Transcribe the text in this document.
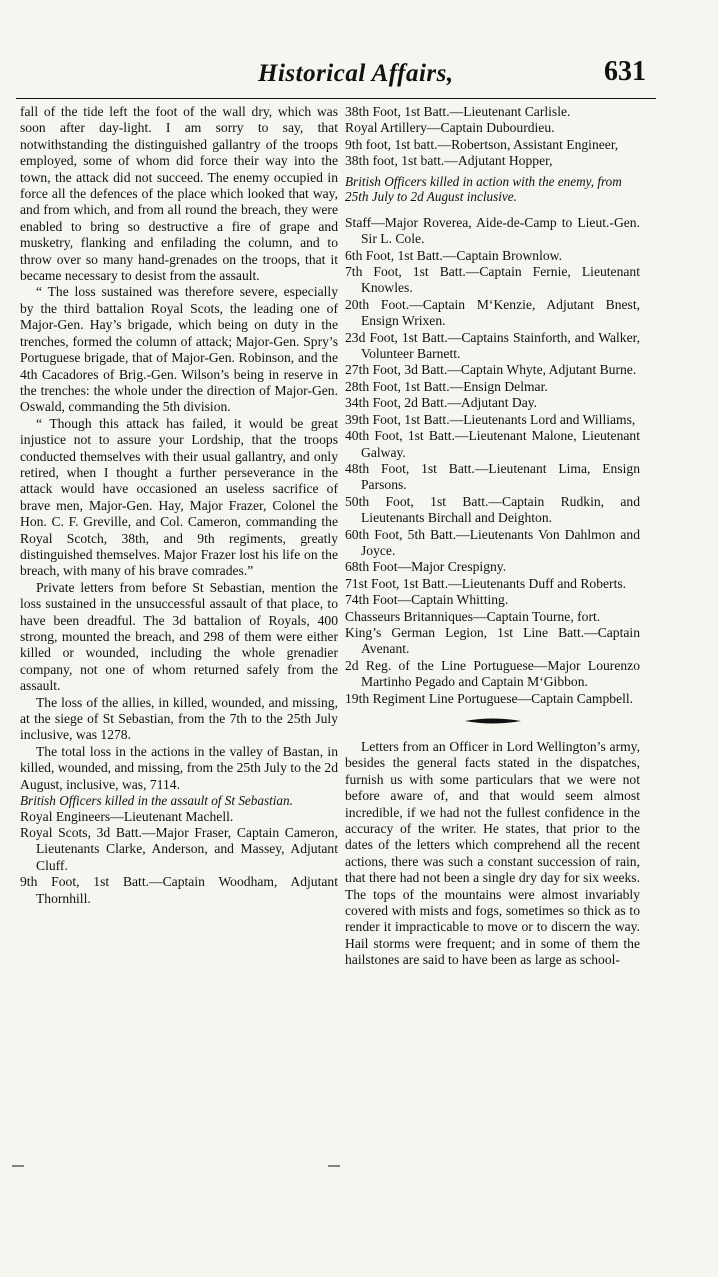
Historical Affairs,	631

fall of the tide left the foot of the wall dry, which was soon after day-light. I am sorry to say, that notwithstanding the distinguished gallantry of the troops employed, some of whom did force their way into the town, the attack did not succeed. The enemy occupied in force all the defences of the place which looked that way, and from which, and from all round the breach, they were enabled to bring so destructive a fire of grape and musketry, flanking and enfilading the column, and to throw over so many hand-grenades on the troops, that it became necessary to desist from the assault.

“ The loss sustained was therefore severe, especially by the third battalion Royal Scots, the leading one of Major-Gen. Hay’s brigade, which being on duty in the trenches, formed the column of attack; Major-Gen. Spry’s Portuguese brigade, that of Major-Gen. Robinson, and the 4th Cacadores of Brig.-Gen. Wilson’s being in reserve in the trenches: the whole under the direction of Major-Gen. Oswald, commanding the 5th division.

“ Though this attack has failed, it would be great injustice not to assure your Lordship, that the troops conducted themselves with their usual gallantry, and only retired, when I thought a further perseverance in the attack would have occasioned an useless sacrifice of brave men, Major-Gen. Hay, Major Frazer, Colonel the Hon. C. F. Greville, and Col. Cameron, commanding the Royal Scotch, 38th, and 9th regiments, greatly distinguished themselves. Major Frazer lost his life on the breach, with many of his brave comrades.”

Private letters from before St Sebastian, mention the loss sustained in the unsuccessful assault of that place, to have been dreadful. The 3d battalion of Royals, 400 strong, mounted the breach, and 298 of them were either killed or wounded, including the whole grenadier company, not one of whom returned safely from the assault.

The loss of the allies, in killed, wounded, and missing, at the siege of St Sebastian, from the 7th to the 25th July inclusive, was 1278.

The total loss in the actions in the valley of Bastan, in killed, wounded, and missing, from the 25th July to the 2d August, inclusive, was, 7114.

British Officers killed in the assault of St Sebastian.

Royal Engineers—Lieutenant Machell.

Royal Scots, 3d Batt.—Major Fraser, Captain Cameron, Lieutenants Clarke, Anderson, and Massey, Adjutant Cluff.

9th Foot, 1st Batt.—Captain Woodham, Adjutant Thornhill.

38th Foot, 1st Batt.—Lieutenant Carlisle.

Royal Artillery—Captain Dubourdieu.

9th foot, 1st batt.—Robertson, Assistant Engineer,

38th foot, 1st batt.—Adjutant Hopper,

British Officers killed in action with the enemy, from 25th July to 2d August inclusive.

Staff—Major Roverea, Aide-de-Camp to Lieut.-Gen. Sir L. Cole.

6th Foot, 1st Batt.—Captain Brownlow.

7th Foot, 1st Batt.—Captain Fernie, Lieutenant Knowles.

20th Foot.—Captain M‘Kenzie, Adjutant Bnest, Ensign Wrixen.

23d Foot, 1st Batt.—Captains Stainforth, and Walker, Volunteer Barnett.

27th Foot, 3d Batt.—Captain Whyte, Adjutant Burne.

28th Foot, 1st Batt.—Ensign Delmar.

34th Foot, 2d Batt.—Adjutant Day.

39th Foot, 1st Batt.—Lieutenants Lord and Williams,

40th Foot, 1st Batt.—Lieutenant Malone, Lieutenant Galway.

48th Foot, 1st Batt.—Lieutenant Lima, Ensign Parsons.

50th Foot, 1st Batt.—Captain Rudkin, and Lieutenants Birchall and Deighton.

60th Foot, 5th Batt.—Lieutenants Von Dahlmon and Joyce.

68th Foot—Major Crespigny.

71st Foot, 1st Batt.—Lieutenants Duff and Roberts.

74th Foot—Captain Whitting.

Chasseurs Britanniques—Captain Tourne, fort.

King’s German Legion, 1st Line Batt.—Captain Avenant.

2d Reg. of the Line Portuguese—Major Lourenzo Martinho Pegado and Captain M‘Gibbon.

19th Regiment Line Portuguese—Captain Campbell.

Letters from an Officer in Lord Wellington’s army, besides the general facts stated in the dispatches, furnish us with some particulars that we were not before aware of, and that would seem almost incredible, if we had not the fullest confidence in the accuracy of the writer. He states, that prior to the dates of the letters which comprehend all the recent actions, there was such a constant succession of rain, that there had not been a single dry day for six weeks. The tops of the mountains were almost invariably covered with mists and fogs, sometimes so thick as to render it impracticable to move or to discern the way. Hail storms were frequent; and in some of them the hailstones are said to have been as large as school-
